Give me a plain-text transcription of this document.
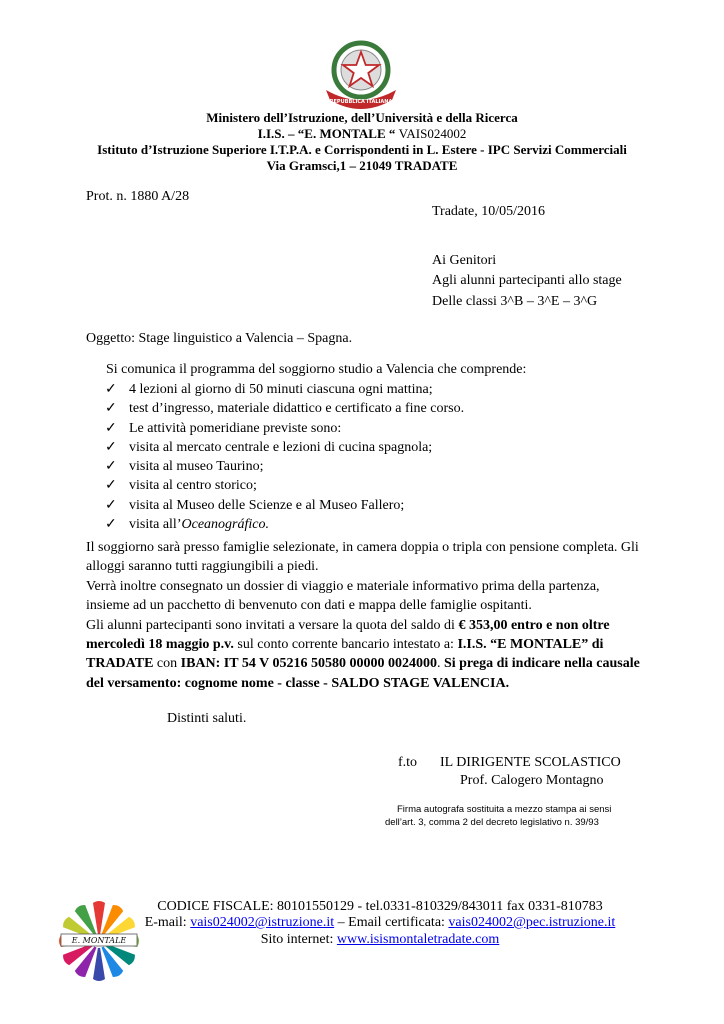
REPUBBLICA ITALIANA
Ministero dell’Istruzione, dell’Università e della Ricerca
I.I.S. – “E. MONTALE “ VAIS024002
Istituto d’Istruzione Superiore I.T.P.A. e Corrispondenti in L. Estere - IPC Servizi Commerciali
Via Gramsci,1 – 21049 TRADATE
Prot. n. 1880 A/28
Tradate, 10/05/2016
Ai Genitori
Agli alunni partecipanti allo stage
Delle classi 3^B – 3^E – 3^G
Oggetto: Stage linguistico a Valencia – Spagna.
Si comunica il programma del soggiorno studio a Valencia che comprende:
✓ 4 lezioni al giorno di 50 minuti ciascuna ogni mattina;
✓ test d’ingresso, materiale didattico e certificato a fine corso.
✓ Le attività pomeridiane previste sono:
✓ visita al mercato centrale e lezioni di cucina spagnola;
✓ visita al museo Taurino;
✓ visita al centro storico;
✓ visita al Museo delle Scienze e al Museo Fallero;
✓ visita all’Oceanográfico.

Il soggiorno sarà presso famiglie selezionate, in camera doppia o tripla con pensione completa. Gli alloggi saranno tutti raggiungibili a piedi.

Verrà inoltre consegnato un dossier di viaggio e materiale informativo prima della partenza, insieme ad un pacchetto di benvenuto con dati e mappa delle famiglie ospitanti.

Gli alunni partecipanti sono invitati a versare la quota del saldo di € 353,00 entro e non oltre mercoledì 18 maggio p.v. sul conto corrente bancario intestato a: I.I.S. “E MONTALE” di TRADATE con IBAN: IT 54 V 05216 50580 00000 0024000. Si prega di indicare nella causale del versamento: cognome nome - classe - SALDO STAGE VALENCIA.

Distinti saluti.
f.to IL DIRIGENTE SCOLASTICO
Prof. Calogero Montagno
Firma autografa sostituita a mezzo stampa ai sensi
dell’art. 3, comma 2 del decreto legislativo n. 39/93
CODICE FISCALE: 80101550129 - tel.0331-810329/843011 fax 0331-810783
E-mail: vais024002@istruzione.it – Email certificata: vais024002@pec.istruzione.it
Sito internet: www.isismontaletradate.com
E. MONTALE
